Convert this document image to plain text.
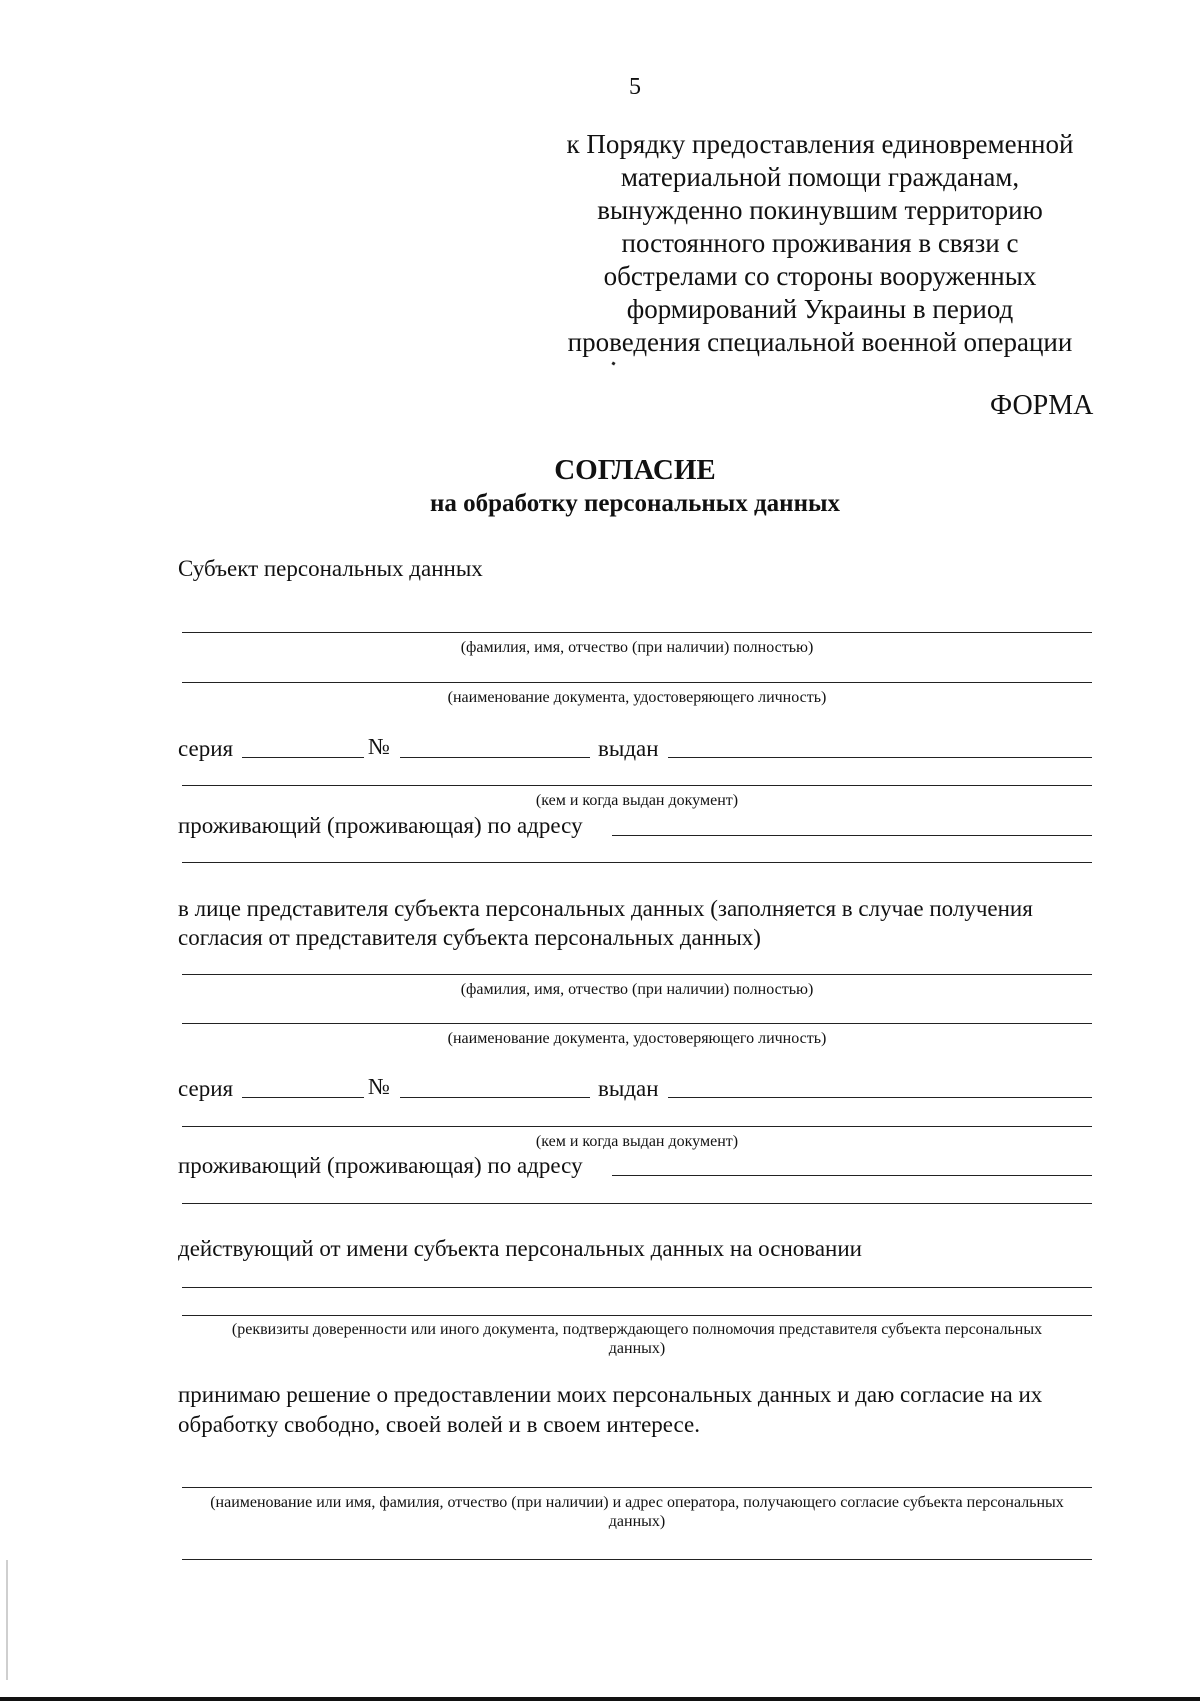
5
к Порядку предоставления единовременной
материальной помощи гражданам,
вынужденно покинувшим территорию
постоянного проживания в связи с
обстрелами со стороны вооруженных
формирований Украины в период
проведения специальной военной операции
ФОРМА
СОГЛАСИЕ
на обработку персональных данных
Субъект персональных данных
(фамилия, имя, отчество (при наличии) полностью)
(наименование документа, удостоверяющего личность)
серия	№	выдан
(кем и когда выдан документ)
проживающий (проживающая) по адресу
в лице представителя субъекта персональных данных (заполняется в случае получения согласия от представителя субъекта персональных данных)
(фамилия, имя, отчество (при наличии) полностью)
(наименование документа, удостоверяющего личность)
серия	№	выдан
(кем и когда выдан документ)
проживающий (проживающая) по адресу
действующий от имени субъекта персональных данных на основании
(реквизиты доверенности или иного документа, подтверждающего полномочия представителя субъекта персональных данных)
принимаю решение о предоставлении моих персональных данных и даю согласие на их обработку свободно, своей волей и в своем интересе.
(наименование или имя, фамилия, отчество (при наличии) и адрес оператора, получающего согласие субъекта персональных данных)
